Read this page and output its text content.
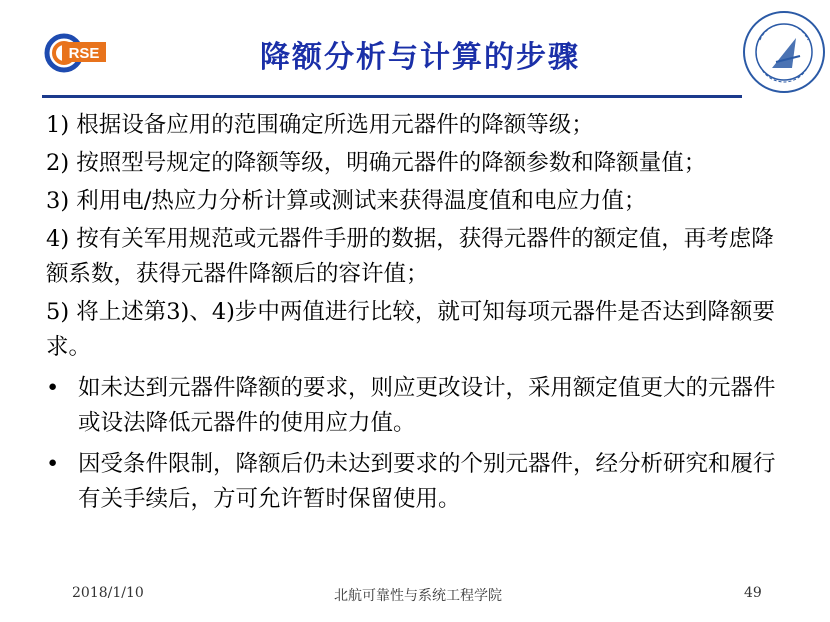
RSE	降额分析与计算的步骤

1) 根据设备应用的范围确定所选用元器件的降额等级；

2) 按照型号规定的降额等级，明确元器件的降额参数和降额量值；

3) 利用电/热应力分析计算或测试来获得温度值和电应力值；

4) 按有关军用规范或元器件手册的数据，获得元器件的额定值，再考虑降额系数，获得元器件降额后的容许值；

5) 将上述第3)、4)步中两值进行比较，就可知每项元器件是否达到降额要求。

• 如未达到元器件降额的要求，则应更改设计，采用额定值更大的元器件或设法降低元器件的使用应力值。
• 因受条件限制，降额后仍未达到要求的个别元器件，经分析研究和履行有关手续后，方可允许暂时保留使用。
2018/1/10	北航可靠性与系统工程学院	49
